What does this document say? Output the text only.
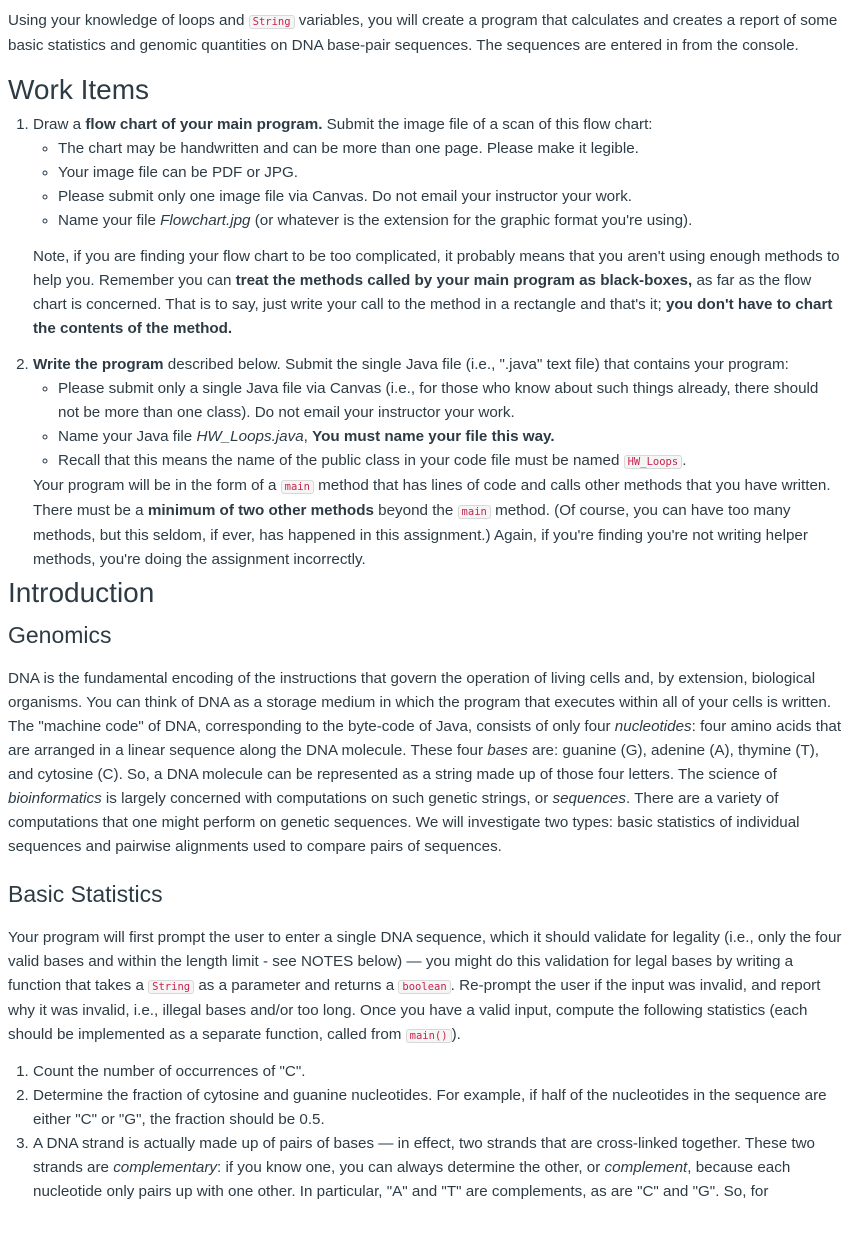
Using your knowledge of loops and String variables, you will create a program that calculates and creates a report of some basic statistics and genomic quantities on DNA base-pair sequences. The sequences are entered in from the console.

Work Items
1. Draw a flow chart of your main program. Submit the image file of a scan of this flow chart:
◦ The chart may be handwritten and can be more than one page. Please make it legible.
◦ Your image file can be PDF or JPG.
◦ Please submit only one image file via Canvas. Do not email your instructor your work.
◦ Name your file Flowchart.jpg (or whatever is the extension for the graphic format you're using).

Note, if you are finding your flow chart to be too complicated, it probably means that you aren't using enough methods to help you. Remember you can treat the methods called by your main program as black-boxes, as far as the flow chart is concerned. That is to say, just write your call to the method in a rectangle and that's it; you don't have to chart the contents of the method.

2. Write the program described below. Submit the single Java file (i.e., ".java" text file) that contains your program:
◦ Please submit only a single Java file via Canvas (i.e., for those who know about such things already, there should not be more than one class). Do not email your instructor your work.
◦ Name your Java file HW_Loops.java, You must name your file this way.
◦ Recall that this means the name of the public class in your code file must be named HW_Loops .

Your program will be in the form of a main method that has lines of code and calls other methods that you have written. There must be a minimum of two other methods beyond the main method. (Of course, you can have too many methods, but this seldom, if ever, has happened in this assignment.) Again, if you're finding you're not writing helper methods, you're doing the assignment incorrectly.

Introduction
Genomics

DNA is the fundamental encoding of the instructions that govern the operation of living cells and, by extension, biological organisms. You can think of DNA as a storage medium in which the program that executes within all of your cells is written. The "machine code" of DNA, corresponding to the byte-code of Java, consists of only four nucleotides: four amino acids that are arranged in a linear sequence along the DNA molecule. These four bases are: guanine (G), adenine (A), thymine (T), and cytosine (C). So, a DNA molecule can be represented as a string made up of those four letters. The science of bioinformatics is largely concerned with computations on such genetic strings, or sequences. There are a variety of computations that one might perform on genetic sequences. We will investigate two types: basic statistics of individual sequences and pairwise alignments used to compare pairs of sequences.

Basic Statistics

Your program will first prompt the user to enter a single DNA sequence, which it should validate for legality (i.e., only the four valid bases and within the length limit - see NOTES below) — you might do this validation for legal bases by writing a function that takes a String as a parameter and returns a boolean . Re-prompt the user if the input was invalid, and report why it was invalid, i.e., illegal bases and/or too long. Once you have a valid input, compute the following statistics (each should be implemented as a separate function, called from main() ).

1. Count the number of occurrences of "C".
2. Determine the fraction of cytosine and guanine nucleotides. For example, if half of the nucleotides in the sequence are either "C" or "G", the fraction should be 0.5.
3. A DNA strand is actually made up of pairs of bases — in effect, two strands that are cross-linked together. These two strands are complementary: if you know one, you can always determine the other, or complement, because each nucleotide only pairs up with one other. In particular, "A" and "T" are complements, as are "C" and "G". So, for
